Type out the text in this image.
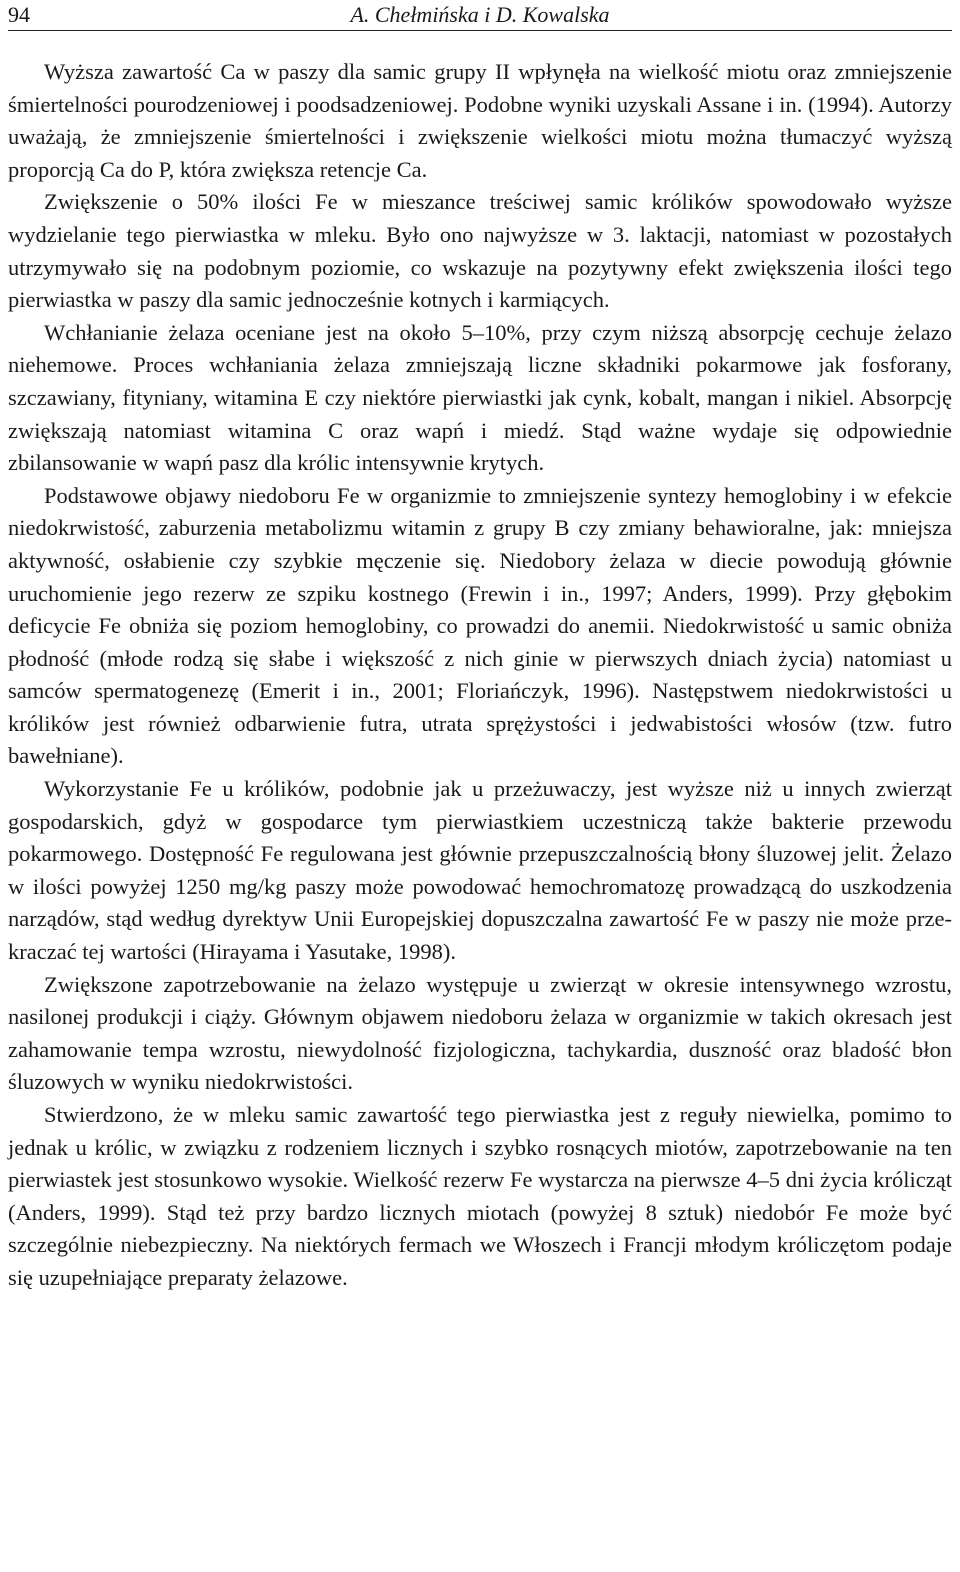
94	A. Chełmińska i D. Kowalska

Wyższa zawartość Ca w paszy dla samic grupy II wpłynęła na wielkość miotu oraz zmniejszenie śmiertelności pourodzeniowej i poodsadzeniowej. Podobne wyniki uzyskali Assane i in. (1994). Autorzy uważają, że zmniejszenie śmiertelności i zwiększenie wielkości miotu można tłumaczyć wyższą proporcją Ca do P, która zwiększa retencje Ca.

Zwiększenie o 50% ilości Fe w mieszance treściwej samic królików spowodowało wyższe wydzielanie tego pierwiastka w mleku. Było ono najwyższe w 3. laktacji, natomiast w pozostałych utrzymywało się na podobnym poziomie, co wskazuje na pozytywny efekt zwiększenia ilości tego pierwiastka w paszy dla samic jednocześnie kotnych i karmiących.

Wchłanianie żelaza oceniane jest na około 5–10%, przy czym niższą absorpcję cechuje żelazo niehemowe. Proces wchłaniania żelaza zmniejszają liczne składniki pokarmowe jak fosforany, szczawiany, fityniany, witamina E czy niektóre pierwiastki jak cynk, kobalt, mangan i nikiel. Absorpcję zwiększają natomiast witamina C oraz wapń i miedź. Stąd ważne wydaje się odpowiednie zbilansowanie w wapń pasz dla królic intensywnie krytych.

Podstawowe objawy niedoboru Fe w organizmie to zmniejszenie syntezy hemoglobiny i w efekcie niedokrwistość, zaburzenia metabolizmu witamin z grupy B czy zmiany behawioralne, jak: mniejsza aktywność, osłabienie czy szybkie męczenie się. Niedobory żelaza w diecie powodują głównie uruchomienie jego rezerw ze szpiku kostnego (Frewin i in., 1997; Anders, 1999). Przy głębokim deficycie Fe obniża się poziom hemoglobiny, co prowadzi do anemii. Niedokrwistość u samic obniża płodność (młode rodzą się słabe i większość z nich ginie w pierwszych dniach życia) natomiast u samców spermatogenezę (Emerit i in., 2001; Floriańczyk, 1996). Następstwem niedokrwistości u królików jest również odbarwienie futra, utrata sprężystości i jedwabistości włosów (tzw. futro bawełniane).

Wykorzystanie Fe u królików, podobnie jak u przeżuwaczy, jest wyższe niż u innych zwierząt gospodarskich, gdyż w gospodarce tym pierwiastkiem uczestniczą także bakterie przewodu pokarmowego. Dostępność Fe regulowana jest głównie przepuszczalnością błony śluzowej jelit. Żelazo w ilości powyżej 1250 mg/kg paszy może powodować hemochromatozę prowadzącą do uszkodzenia narządów, stąd według dyrektyw Unii Europejskiej dopuszczalna zawartość Fe w paszy nie może przekraczać tej wartości (Hirayama i Yasutake, 1998).

Zwiększone zapotrzebowanie na żelazo występuje u zwierząt w okresie intensywnego wzrostu, nasilonej produkcji i ciąży. Głównym objawem niedoboru żelaza w organizmie w takich okresach jest zahamowanie tempa wzrostu, niewydolność fizjologiczna, tachykardia, duszność oraz bladość błon śluzowych w wyniku niedokrwistości.

Stwierdzono, że w mleku samic zawartość tego pierwiastka jest z reguły niewielka, pomimo to jednak u królic, w związku z rodzeniem licznych i szybko rosnących miotów, zapotrzebowanie na ten pierwiastek jest stosunkowo wysokie. Wielkość rezerw Fe wystarcza na pierwsze 4–5 dni życia królicząt (Anders, 1999). Stąd też przy bardzo licznych miotach (powyżej 8 sztuk) niedobór Fe może być szczególnie niebezpieczny. Na niektórych fermach we Włoszech i Francji młodym króliczętom podaje się uzupełniające preparaty żelazowe.
